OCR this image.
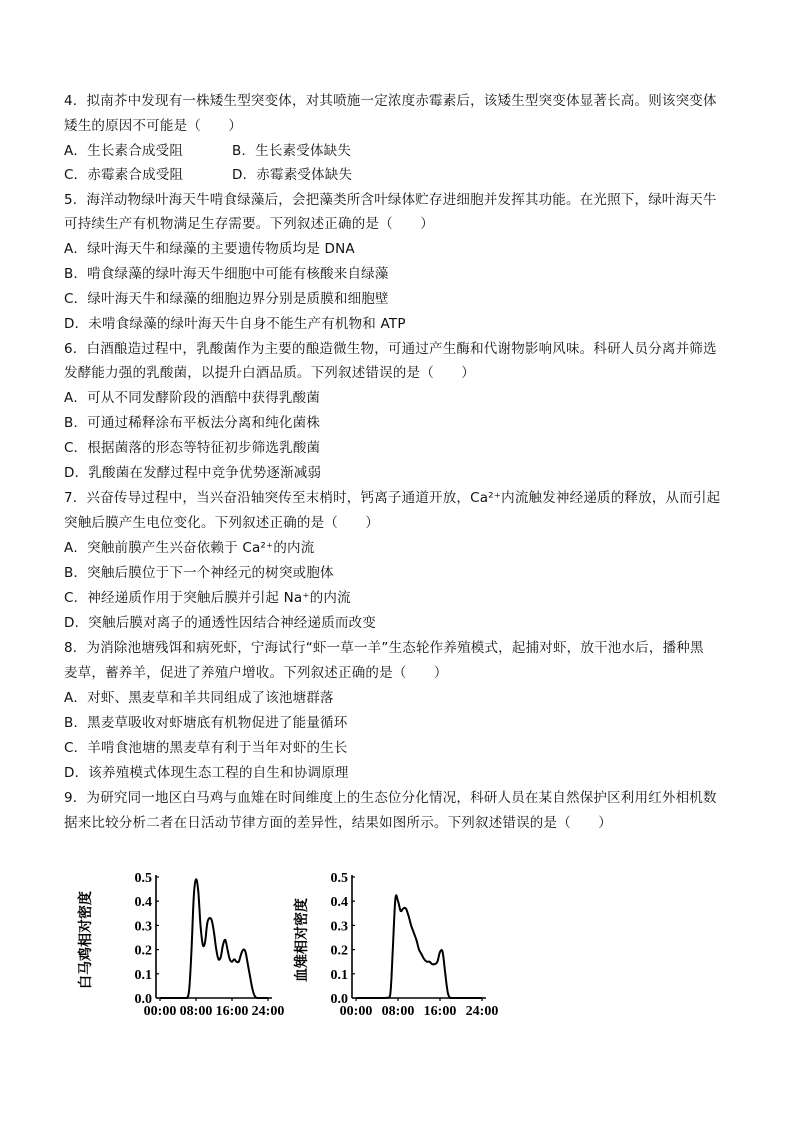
4．拟南芥中发现有一株矮生型突变体，对其喷施一定浓度赤霉素后，该矮生型突变体显著长高。则该突变体
矮生的原因不可能是（　　）
A．生长素合成受阻	B．生长素受体缺失
C．赤霉素合成受阻	D．赤霉素受体缺失
5．海洋动物绿叶海天牛啃食绿藻后，会把藻类所含叶绿体贮存进细胞并发挥其功能。在光照下，绿叶海天牛
可持续生产有机物满足生存需要。下列叙述正确的是（　　）
A．绿叶海天牛和绿藻的主要遗传物质均是 DNA
B．啃食绿藻的绿叶海天牛细胞中可能有核酸来自绿藻
C．绿叶海天牛和绿藻的细胞边界分别是质膜和细胞壁
D．未啃食绿藻的绿叶海天牛自身不能生产有机物和 ATP
6．白酒酿造过程中，乳酸菌作为主要的酿造微生物，可通过产生酶和代谢物影响风味。科研人员分离并筛选
发酵能力强的乳酸菌，以提升白酒品质。下列叙述错误的是（　　）
A．可从不同发酵阶段的酒醅中获得乳酸菌
B．可通过稀释涂布平板法分离和纯化菌株
C．根据菌落的形态等特征初步筛选乳酸菌
D．乳酸菌在发酵过程中竞争优势逐渐减弱
7．兴奋传导过程中，当兴奋沿轴突传至末梢时，钙离子通道开放，Ca²⁺内流触发神经递质的释放，从而引起
突触后膜产生电位变化。下列叙述正确的是（　　）
A．突触前膜产生兴奋依赖于 Ca²⁺的内流
B．突触后膜位于下一个神经元的树突或胞体
C．神经递质作用于突触后膜并引起 Na⁺的内流
D．突触后膜对离子的通透性因结合神经递质而改变
8．为消除池塘残饵和病死虾，宁海试行“虾一草一羊”生态轮作养殖模式，起捕对虾，放干池水后，播种黑
麦草，蓄养羊，促进了养殖户增收。下列叙述正确的是（　　）
A．对虾、黑麦草和羊共同组成了该池塘群落
B．黑麦草吸收对虾塘底有机物促进了能量循环
C．羊啃食池塘的黑麦草有利于当年对虾的生长
D．该养殖模式体现生态工程的自生和协调原理
9．为研究同一地区白马鸡与血雉在时间维度上的生态位分化情况，科研人员在某自然保护区利用红外相机数
据来比较分析二者在日活动节律方面的差异性，结果如图所示。下列叙述错误的是（　　）
白马鸡相对密度
0.0
0.1
0.2
0.3
0.4
0.5
00:00 08:00 16:00 24:00
血雉相对密度
0.0
0.1
0.2
0.3
0.4
0.5
00:00 08:00 16:00 24:00
